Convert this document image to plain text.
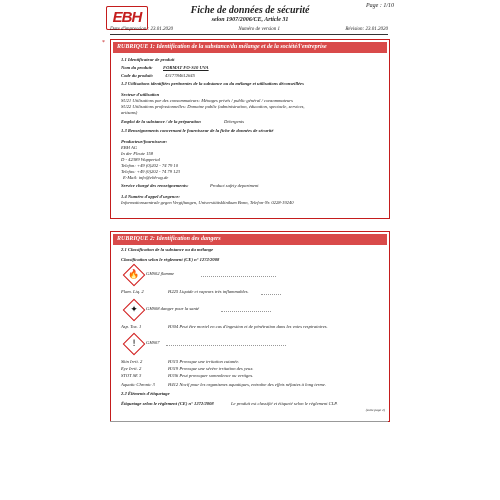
EBH
Page : 1/10
Fiche de données de sécurité
selon 1907/2006/CE, Article 31
Date d'impression : 23.01.2020	Numéro de version 1	Révision: 23.01.2020
*
RUBRIQUE 1: Identification de la substance/du mélange et de la société/l'entreprise
1.1 Identificateur de produit
Nom du produit: FORMAT FO-S10 UVA
Code du produit:	4317784612645
1.2 Utilisations identifiées pertinentes de la substance ou du mélange et utilisations déconseillées
Secteur d'utilisation
SU21 Utilisations par des consommateurs: Ménages privés / public général / consommateurs
SU22 Utilisations professionnelles: Domaine public (administration, éducation, spectacle, services,
artisans)
Emploi de la substance / de la préparation	Détergents
1.3 Renseignements concernant le fournisseur de la fiche de données de sécurité
Producteur/fournisseur:
EBH AG
In der Fleute 158
D - 42389 Wuppertal
Telefon: +49 (0)202 - 74 79 10
Telefax: +49 (0)202 - 74 79 123
E-Mail: info@ebh-ag.de
Service chargé des renseignements:	Product safety department
1.4 Numéro d'appel d'urgence:
Informationszentrale gegen Vergiftungen, Universitätsklinikum Bonn, Telefon-Nr. 0228-19240
RUBRIQUE 2: Identification des dangers
2.1 Classification de la substance ou du mélange
Classification selon le règlement (CE) n° 1272/2008
🔥	GHS02 flamme
Flam. Liq. 2	H225 Liquide et vapeurs très inflammables.
✦	GHS08 danger pour la santé
Asp. Tox. 1	H304 Peut être mortel en cas d'ingestion et de pénétration dans les voies respiratoires.
!	GHS07
Skin Irrit. 2	H315 Provoque une irritation cutanée.
Eye Irrit. 2	H319 Provoque une sévère irritation des yeux.
STOT SE 3	H336 Peut provoquer somnolence ou vertiges.
Aquatic Chronic 3	H412 Nocif pour les organismes aquatiques, entraîne des effets néfastes à long terme.
2.2 Éléments d'étiquetage
Étiquetage selon le règlement (CE) n° 1272/2008	Le produit est classifié et étiqueté selon le règlement CLP.
(suite page 2)
